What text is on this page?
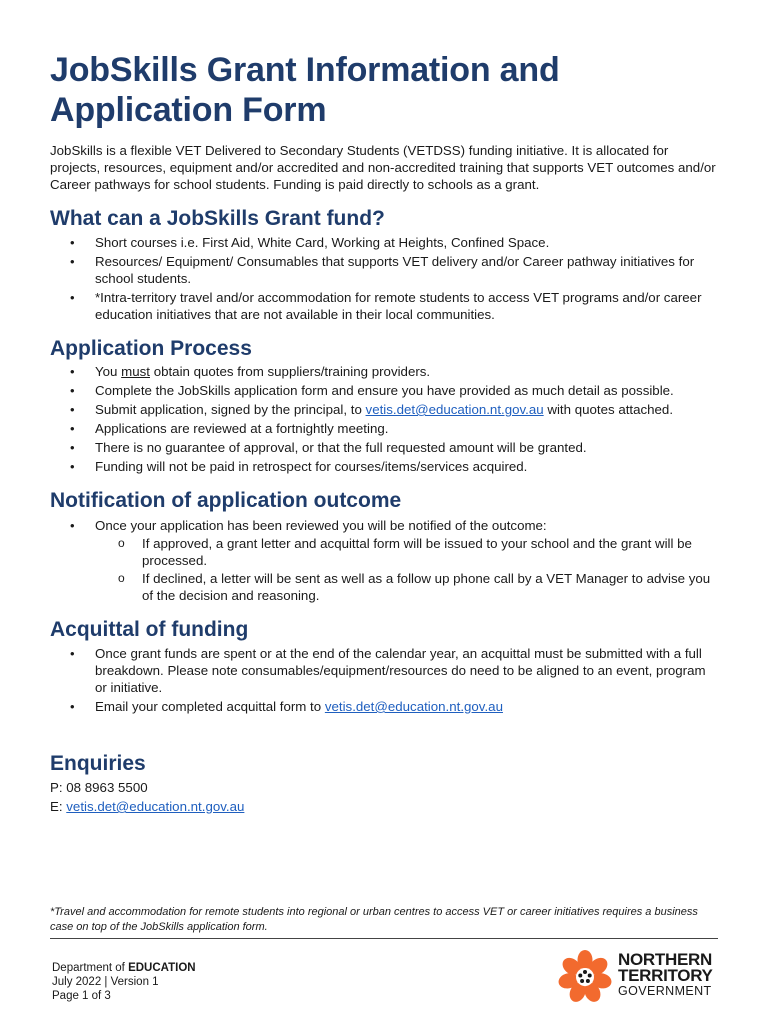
JobSkills Grant Information and Application Form

JobSkills is a flexible VET Delivered to Secondary Students (VETDSS) funding initiative. It is allocated for projects, resources, equipment and/or accredited and non-accredited training that supports VET outcomes and/or Career pathways for school students. Funding is paid directly to schools as a grant.

What can a JobSkills Grant fund?
• Short courses i.e. First Aid, White Card, Working at Heights, Confined Space.
• Resources/ Equipment/ Consumables that supports VET delivery and/or Career pathway initiatives for school students.
• *Intra-territory travel and/or accommodation for remote students to access VET programs and/or career education initiatives that are not available in their local communities.
Application Process
• You must obtain quotes from suppliers/training providers.
• Complete the JobSkills application form and ensure you have provided as much detail as possible.
• Submit application, signed by the principal, to vetis.det@education.nt.gov.au with quotes attached.
• Applications are reviewed at a fortnightly meeting.
• There is no guarantee of approval, or that the full requested amount will be granted.
• Funding will not be paid in retrospect for courses/items/services acquired.
Notification of application outcome
• Once your application has been reviewed you will be notified of the outcome:
o If approved, a grant letter and acquittal form will be issued to your school and the grant will be processed.
o If declined, a letter will be sent as well as a follow up phone call by a VET Manager to advise you of the decision and reasoning.
Acquittal of funding
• Once grant funds are spent or at the end of the calendar year, an acquittal must be submitted with a full breakdown. Please note consumables/equipment/resources do need to be aligned to an event, program or initiative.
• Email your completed acquittal form to vetis.det@education.nt.gov.au
Enquiries

P: 08 8963 5500

E: vetis.det@education.nt.gov.au

*Travel and accommodation for remote students into regional or urban centres to access VET or career initiatives requires a business case on top of the JobSkills application form.

Department of EDUCATION
July 2022 | Version 1
Page 1 of 3
NORTHERN
TERRITORY
GOVERNMENT
